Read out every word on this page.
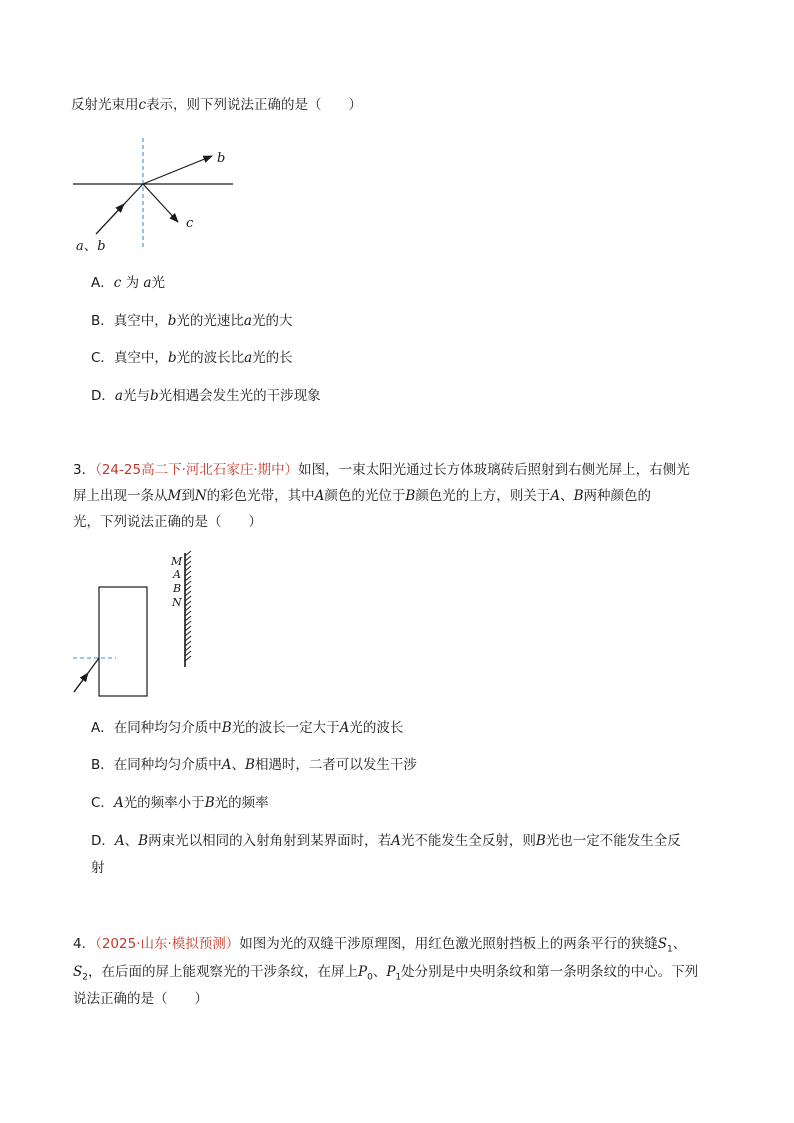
反射光束用c表示，则下列说法正确的是（　　）
b
c
a、b
A．c 为 a光
B．真空中，b光的光速比a光的大
C．真空中，b光的波长比a光的长
D．a光与b光相遇会发生光的干涉现象
3．（24-25高二下·河北石家庄·期中）如图，一束太阳光通过长方体玻璃砖后照射到右侧光屏上，右侧光
屏上出现一条从M到N的彩色光带，其中A颜色的光位于B颜色光的上方，则关于A、B两种颜色的
光，下列说法正确的是（　　）
M
A
B
N
A．在同种均匀介质中B光的波长一定大于A光的波长
B．在同种均匀介质中A、B相遇时，二者可以发生干涉
C．A光的频率小于B光的频率
D．A、B两束光以相同的入射角射到某界面时，若A光不能发生全反射，则B光也一定不能发生全反
射
4．（2025·山东·模拟预测）如图为光的双缝干涉原理图，用红色激光照射挡板上的两条平行的狭缝$S_1$、
$S_2$，在后面的屏上能观察光的干涉条纹，在屏上$P_0$、$P_1$处分别是中央明条纹和第一条明条纹的中心。下列
说法正确的是（　　）
